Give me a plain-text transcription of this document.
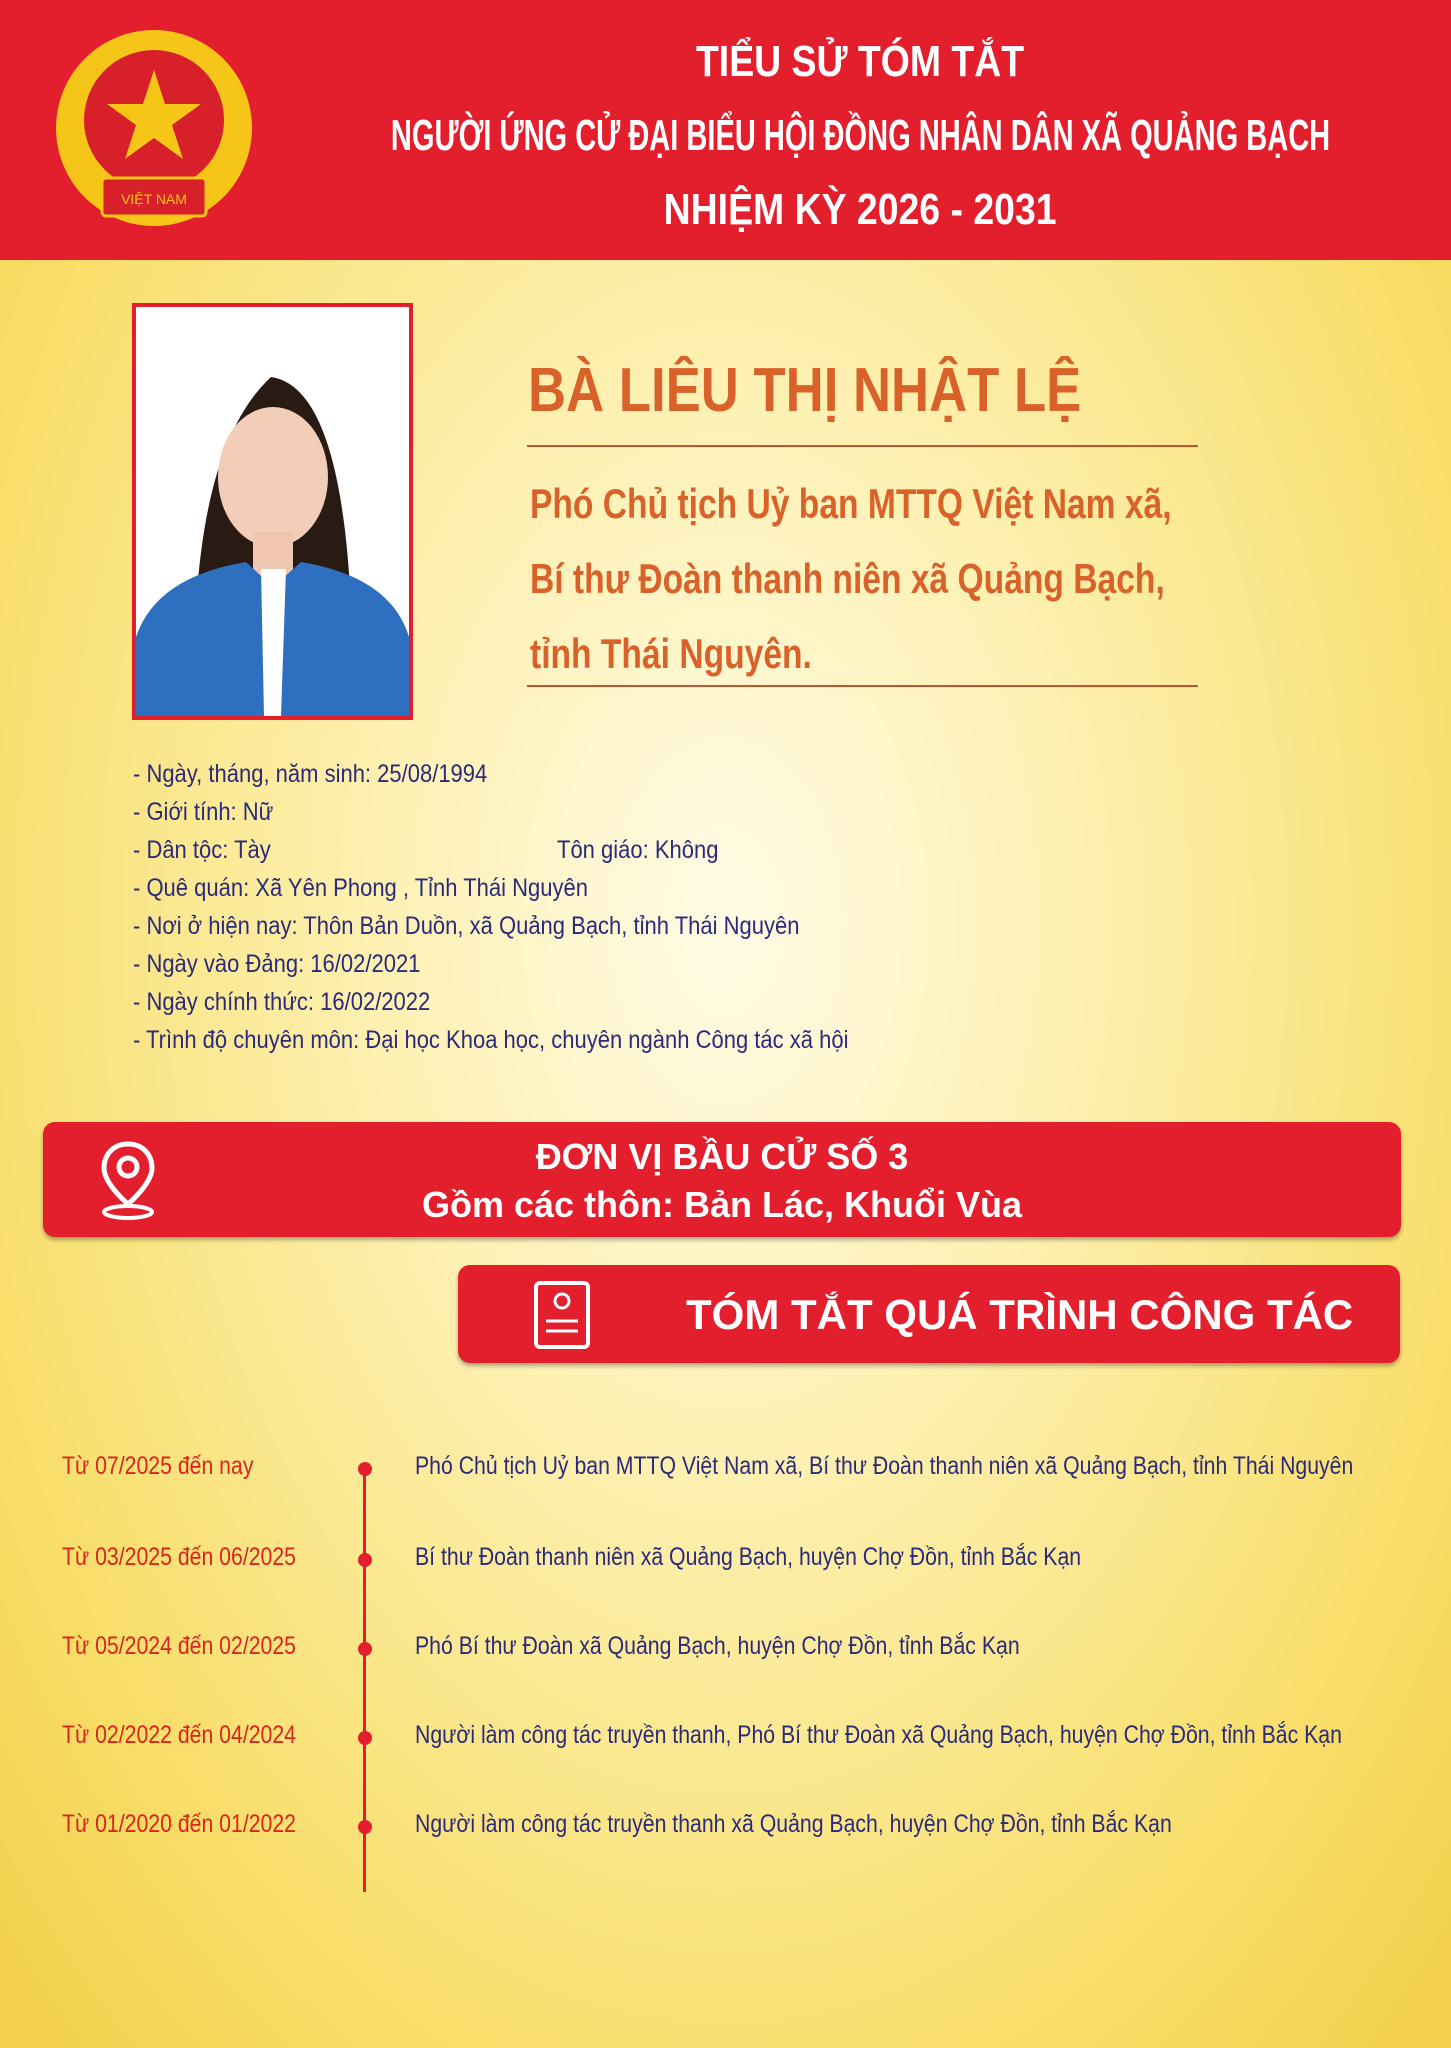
VIỆT NAM
TIỂU SỬ TÓM TẮT
NGƯỜI ỨNG CỬ ĐẠI BIỂU HỘI ĐỒNG NHÂN DÂN XÃ QUẢNG BẠCH
NHIỆM KỲ 2026 - 2031
BÀ LIÊU THỊ NHẬT LỆ
Phó Chủ tịch Uỷ ban MTTQ Việt Nam xã,
Bí thư Đoàn thanh niên xã Quảng Bạch,
tỉnh Thái Nguyên.
- Ngày, tháng, năm sinh: 25/08/1994
- Giới tính: Nữ
- Dân tộc: Tày	Tôn giáo: Không
- Quê quán: Xã Yên Phong , Tỉnh Thái Nguyên
- Nơi ở hiện nay: Thôn Bản Duồn, xã Quảng Bạch, tỉnh Thái Nguyên
- Ngày vào Đảng: 16/02/2021
- Ngày chính thức: 16/02/2022
- Trình độ chuyên môn: Đại học Khoa học, chuyên ngành Công tác xã hội
ĐƠN VỊ BẦU CỬ SỐ 3
Gồm các thôn: Bản Lác, Khuổi Vùa
TÓM TẮT QUÁ TRÌNH CÔNG TÁC
Từ 07/2025 đến nay	Phó Chủ tịch Uỷ ban MTTQ Việt Nam xã, Bí thư Đoàn thanh niên xã Quảng Bạch, tỉnh Thái Nguyên
Từ 03/2025 đến 06/2025	Bí thư Đoàn thanh niên xã Quảng Bạch, huyện Chợ Đồn, tỉnh Bắc Kạn
Từ 05/2024 đến 02/2025	Phó Bí thư Đoàn xã Quảng Bạch, huyện Chợ Đồn, tỉnh Bắc Kạn
Từ 02/2022 đến 04/2024	Người làm công tác truyền thanh, Phó Bí thư Đoàn xã Quảng Bạch, huyện Chợ Đồn, tỉnh Bắc Kạn
Từ 01/2020 đến 01/2022	Người làm công tác truyền thanh xã Quảng Bạch, huyện Chợ Đồn, tỉnh Bắc Kạn
